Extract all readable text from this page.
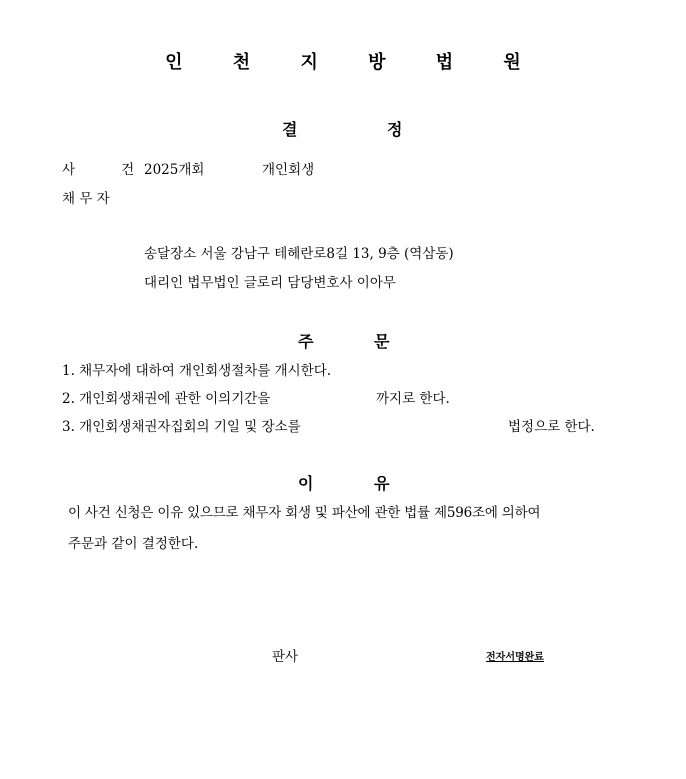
인 천 지 방 법 원
결	정
사       건 2025개회	개인회생
채 무 자
송달장소 서울 강남구 테헤란로8길 13, 9층 (역삼동)
대리인 법무법인 글로리 담당변호사 이아무
주	문
1. 채무자에 대하여 개인회생절차를 개시한다.
2. 개인회생채권에 관한 이의기간을	까지로 한다.
3. 개인회생채권자집회의 기일 및 장소를	법정으로 한다.
이	유
이 사건 신청은 이유 있으므로 채무자 회생 및 파산에 관한 법률 제596조에 의하여
주문과 같이 결정한다.
판사	전자서명완료
